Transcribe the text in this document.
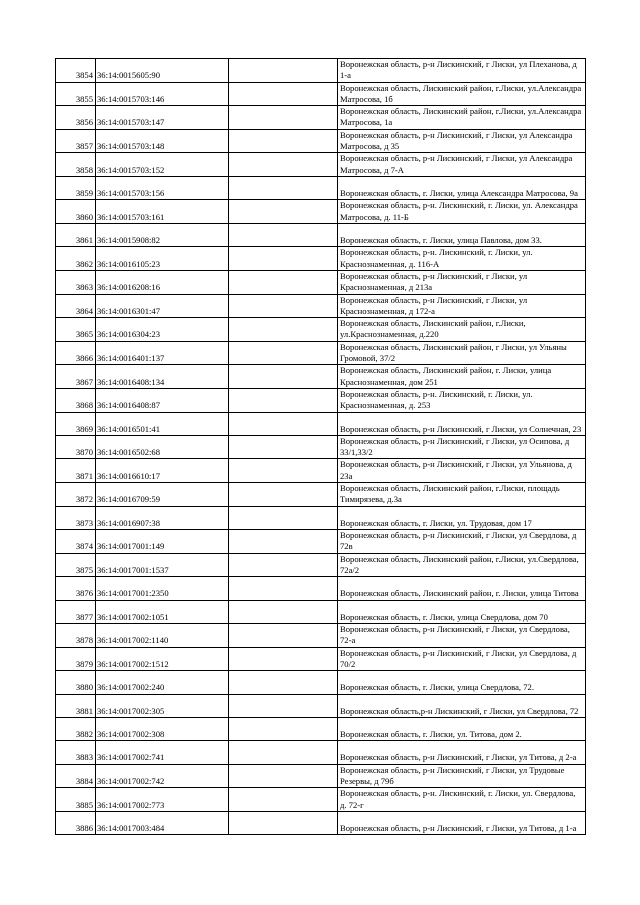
3854	36:14:0015605:90		Воронежская область, р-н Лискинский, г Лиски, ул Плеханова, д 1-а
3855	36:14:0015703:146		Воронежская область, Лискинский район, г.Лиски, ул.Александра Матросова, 1б
3856	36:14:0015703:147		Воронежская область, Лискинский район, г.Лиски, ул.Александра Матросова, 1а
3857	36:14:0015703:148		Воронежская область, р-н Лискинский, г Лиски, ул Александра Матросова, д 35
3858	36:14:0015703:152		Воронежская область, р-н Лискинский, г Лиски, ул Александра Матросова, д 7-А
3859	36:14:0015703:156		Воронежская область, г. Лиски, улица Александра Матросова, 9а
3860	36:14:0015703:161		Воронежская область, р-н. Лискинский, г. Лиски, ул. Александра Матросова, д. 11-Б
3861	36:14:0015908:82		Воронежская область, г. Лиски, улица Павлова, дом 33.
3862	36:14:0016105:23		Воронежская область, р-н. Лискинский, г. Лиски, ул. Краснознаменная, д. 116-А
3863	36:14:0016208:16		Воронежская область, р-н Лискинский, г Лиски, ул Краснознаменная, д 213а
3864	36:14:0016301:47		Воронежская область, р-н Лискинский, г Лиски, ул Краснознаменная, д 172-а
3865	36:14:0016304:23		Воронежская область, Лискинский район, г.Лиски, ул.Краснознаменная, д.220
3866	36:14:0016401:137		Воронежская область, Лискинский район, г Лиски, ул Ульяны Громовой, 37/2
3867	36:14:0016408:134		Воронежская область, Лискинский район, г. Лиски, улица Краснознаменная, дом 251
3868	36:14:0016408:87		Воронежская область, р-н. Лискинский, г. Лиски, ул. Краснознаменная, д. 253
3869	36:14:0016501:41		Воронежская область, р-н Лискинский, г Лиски, ул Солнечная, 23
3870	36:14:0016502:68		Воронежская область, р-н Лискинский, г Лиски, ул Осипова, д 33/1,33/2
3871	36:14:0016610:17		Воронежская область, р-н Лискинский, г Лиски, ул Ульянова, д 23а
3872	36:14:0016709:59		Воронежская область, Лискинский район, г.Лиски, площадь Тимирязева, д.3а
3873	36:14:0016907:38		Воронежская область, г. Лиски, ул. Трудовая, дом 17
3874	36:14:0017001:149		Воронежская область, р-н Лискинский, г Лиски, ул Свердлова, д 72в
3875	36:14:0017001:1537		Воронежская область, Лискинский район, г.Лиски, ул.Свердлова, 72а/2
3876	36:14:0017001:2350		Воронежская область, Лискинский район, г. Лиски, улица Титова
3877	36:14:0017002:1051		Воронежская область, г. Лиски, улица Свердлова, дом 70
3878	36:14:0017002:1140		Воронежская область, р-н Лискинский, г Лиски, ул Свердлова, 72-а
3879	36:14:0017002:1512		Воронежская область, р-н Лискинский, г Лиски, ул Свердлова, д 70/2
3880	36:14:0017002:240		Воронежская область, г. Лиски, улица Свердлова, 72.
3881	36:14:0017002:305		Воронежская область,р-н Лискинский, г Лиски, ул Свердлова, 72
3882	36:14:0017002:308		Воронежская область, г. Лиски, ул. Титова, дом 2.
3883	36:14:0017002:741		Воронежская область, р-н Лискинский, г Лиски, ул Титова, д 2-а
3884	36:14:0017002:742		Воронежская область, р-н Лискинский, г Лиски, ул Трудовые Резервы, д 79б
3885	36:14:0017002:773		Воронежская область, р-н. Лискинский, г. Лиски, ул. Свердлова, д. 72-г
3886	36:14:0017003:484		Воронежская область, р-н Лискинский, г Лиски, ул Титова, д 1-а
